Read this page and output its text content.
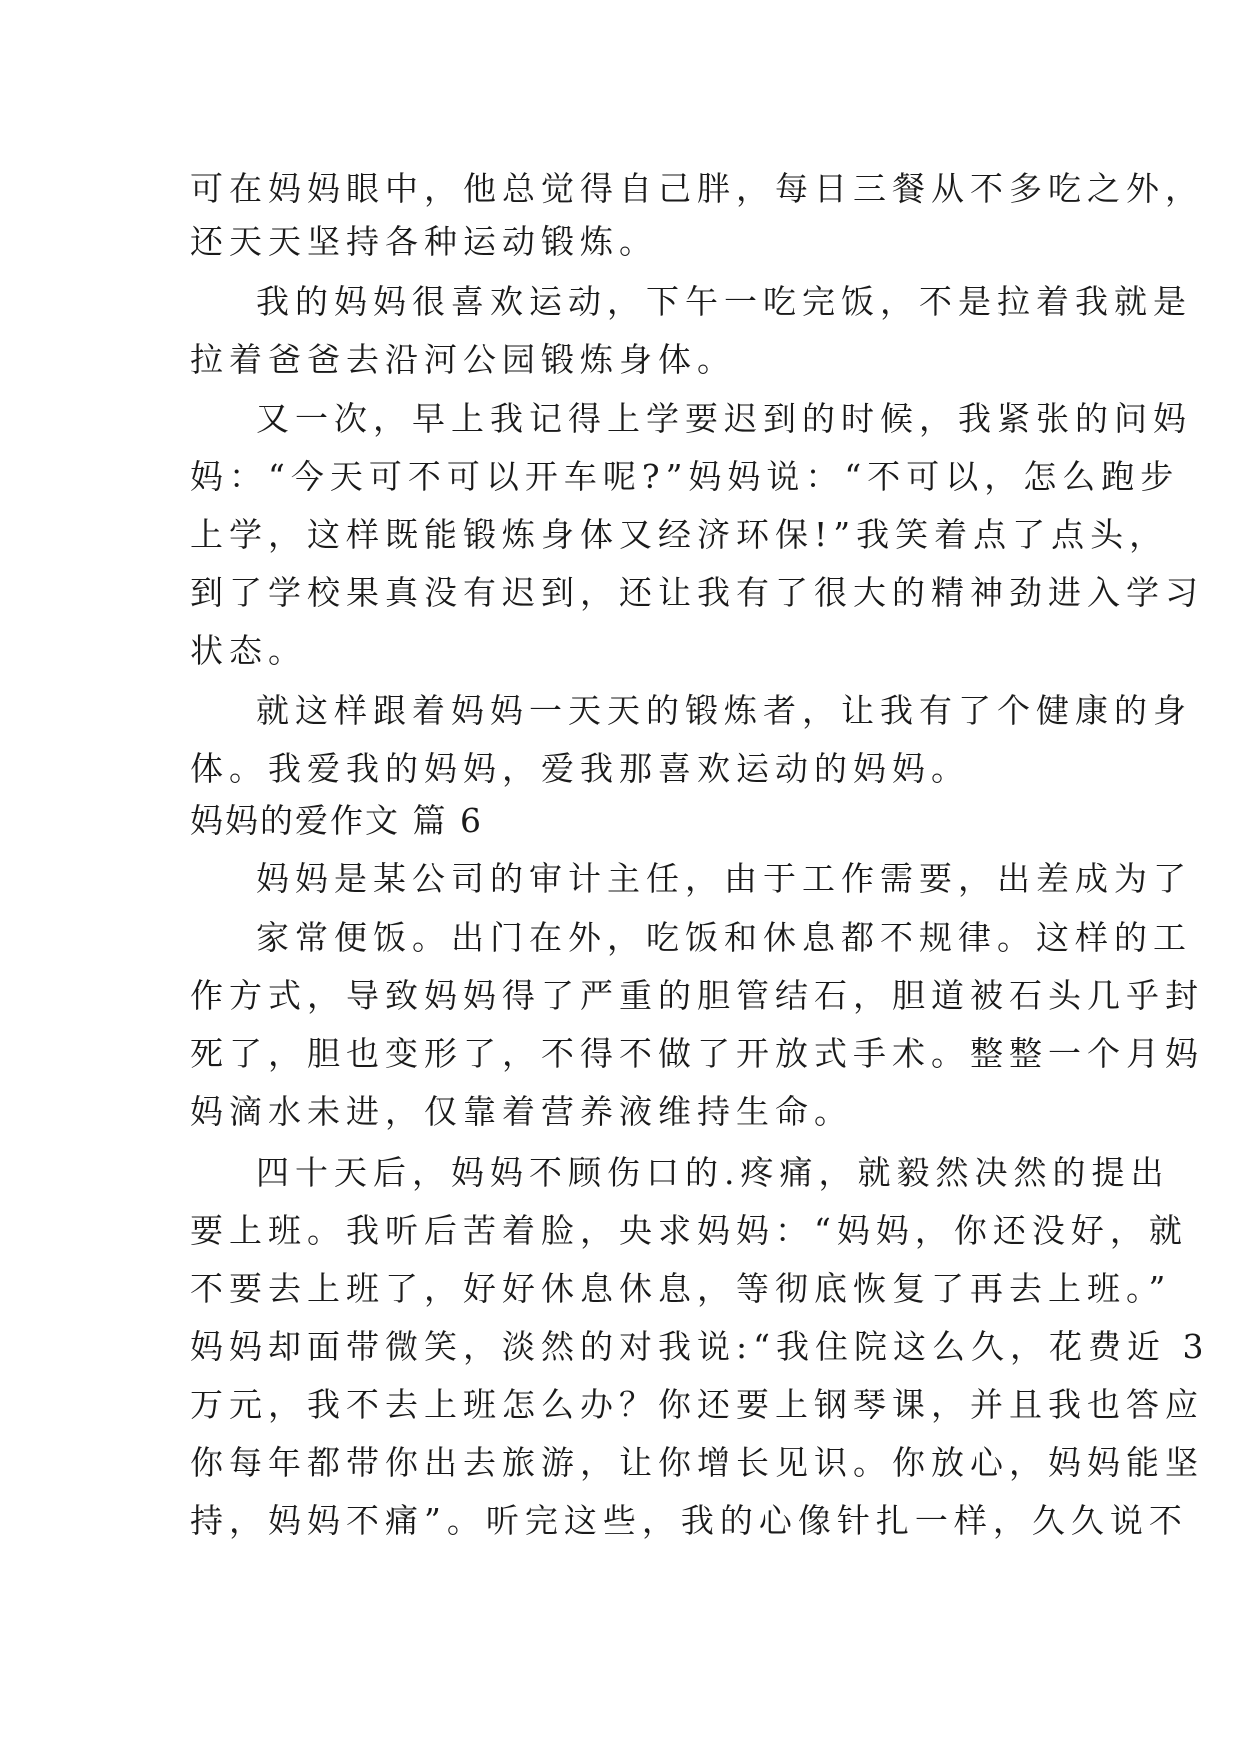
可在妈妈眼中，他总觉得自己胖，每日三餐从不多吃之外，
还天天坚持各种运动锻炼。
我的妈妈很喜欢运动，下午一吃完饭，不是拉着我就是
拉着爸爸去沿河公园锻炼身体。
又一次，早上我记得上学要迟到的时候，我紧张的问妈
妈：“今天可不可以开车呢?”妈妈说：“不可以，怎么跑步
上学，这样既能锻炼身体又经济环保!”我笑着点了点头，
到了学校果真没有迟到，还让我有了很大的精神劲进入学习
状态。
就这样跟着妈妈一天天的锻炼者，让我有了个健康的身
体。我爱我的妈妈，爱我那喜欢运动的妈妈。
妈妈的爱作文 篇 6
妈妈是某公司的审计主任，由于工作需要，出差成为了
家常便饭。出门在外，吃饭和休息都不规律。这样的工
作方式，导致妈妈得了严重的胆管结石，胆道被石头几乎封
死了，胆也变形了，不得不做了开放式手术。整整一个月妈
妈滴水未进，仅靠着营养液维持生命。
四十天后，妈妈不顾伤口的.疼痛，就毅然决然的提出
要上班。我听后苦着脸，央求妈妈：“妈妈，你还没好，就
不要去上班了，好好休息休息，等彻底恢复了再去上班。”
妈妈却面带微笑，淡然的对我说:“我住院这么久，花费近 3
万元，我不去上班怎么办？你还要上钢琴课，并且我也答应
你每年都带你出去旅游，让你增长见识。你放心，妈妈能坚
持，妈妈不痛”。听完这些，我的心像针扎一样，久久说不
